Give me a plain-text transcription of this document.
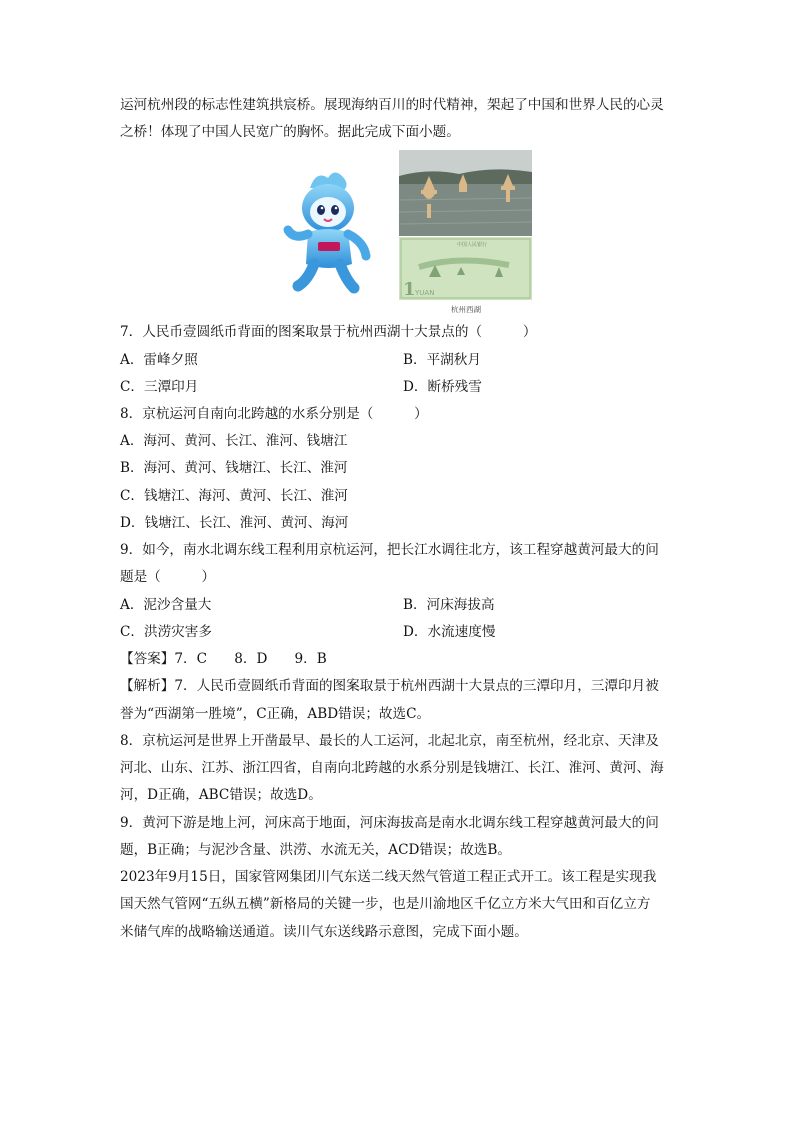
运河杭州段的标志性建筑拱宸桥。展现海纳百川的时代精神，架起了中国和世界人民的心灵
之桥！体现了中国人民宽广的胸怀。据此完成下面小题。
1 YUAN
中国人民银行
杭州西湖
7．人民币壹圆纸币背面的图案取景于杭州西湖十大景点的（　　　）
A．雷峰夕照	B．平湖秋月
C．三潭印月	D．断桥残雪
8．京杭运河自南向北跨越的水系分别是（　　　）
A．海河、黄河、长江、淮河、钱塘江
B．海河、黄河、钱塘江、长江、淮河
C．钱塘江、海河、黄河、长江、淮河
D．钱塘江、长江、淮河、黄河、海河
9．如今，南水北调东线工程利用京杭运河，把长江水调往北方，该工程穿越黄河最大的问
题是（　　　）
A．泥沙含量大	B．河床海拔高
C．洪涝灾害多	D．水流速度慢
【答案】7．C　　8．D　　9．B
【解析】7．人民币壹圆纸币背面的图案取景于杭州西湖十大景点的三潭印月，三潭印月被
誉为“西湖第一胜境”，C正确，ABD错误；故选C。
8．京杭运河是世界上开凿最早、最长的人工运河，北起北京，南至杭州，经北京、天津及
河北、山东、江苏、浙江四省，自南向北跨越的水系分别是钱塘江、长江、淮河、黄河、海
河，D正确，ABC错误；故选D。
9．黄河下游是地上河，河床高于地面，河床海拔高是南水北调东线工程穿越黄河最大的问
题，B正确；与泥沙含量、洪涝、水流无关，ACD错误；故选B。
2023年9月15日，国家管网集团川气东送二线天然气管道工程正式开工。该工程是实现我
国天然气管网“五纵五横”新格局的关键一步，也是川渝地区千亿立方米大气田和百亿立方
米储气库的战略输送通道。读川气东送线路示意图，完成下面小题。
